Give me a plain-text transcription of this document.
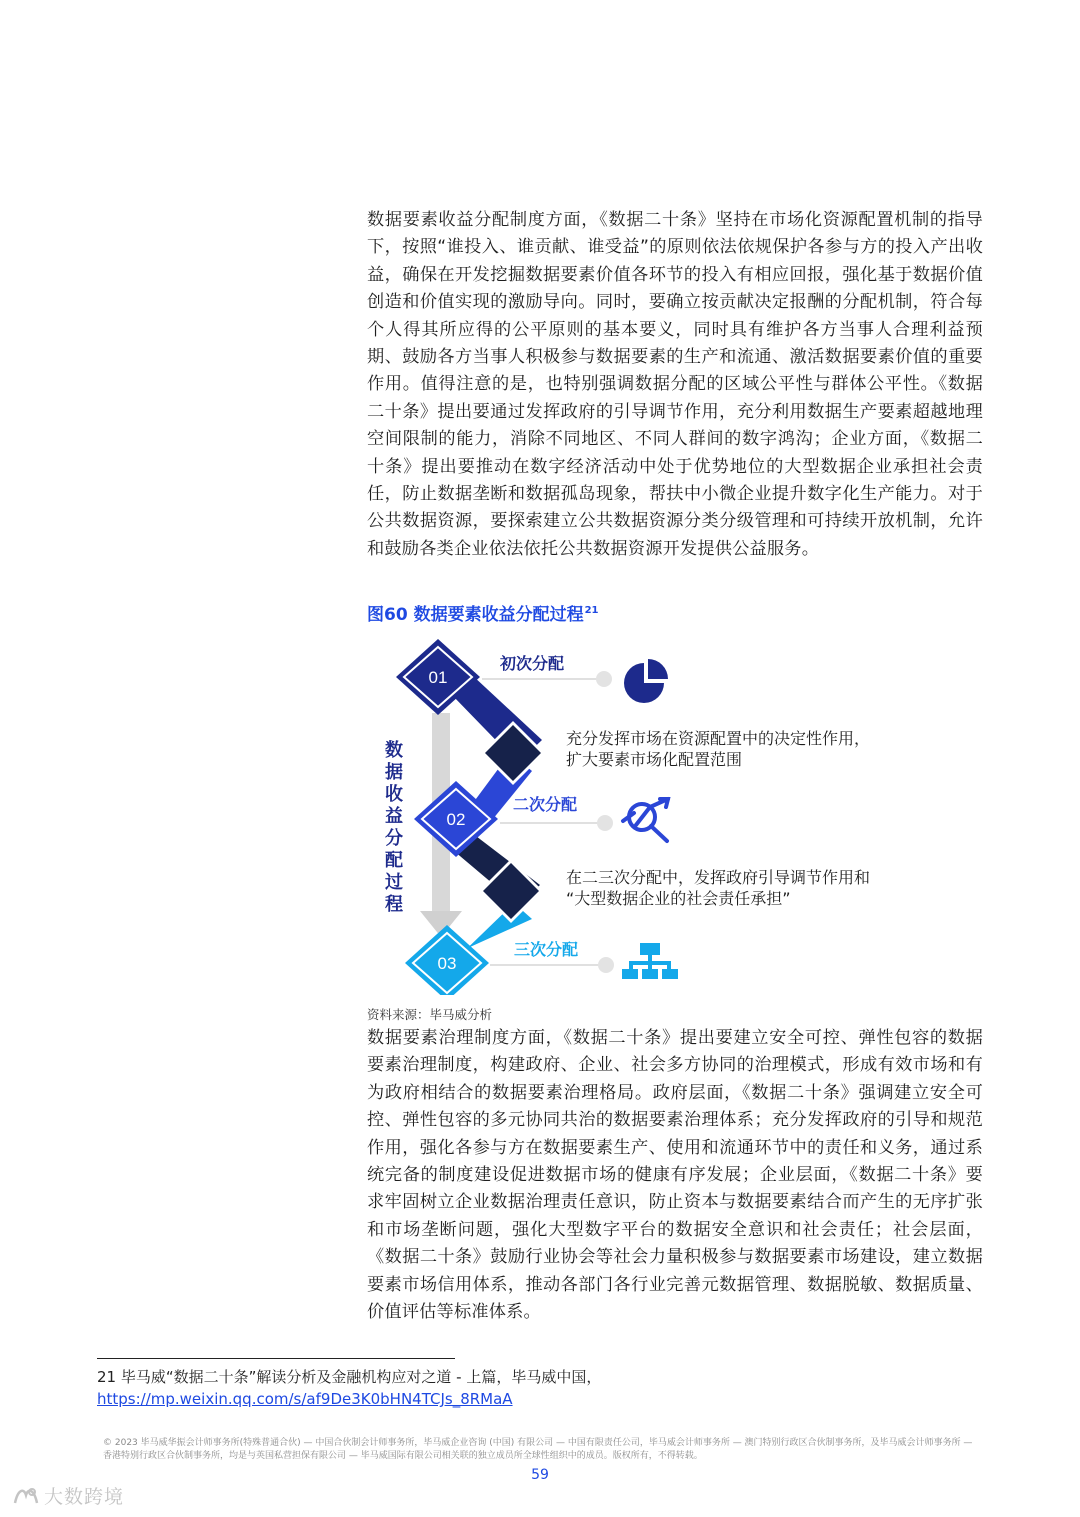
数据要素收益分配制度方面，《数据二十条》坚持在市场化资源配置机制的指导下，按照“谁投入、谁贡献、谁受益”的原则依法依规保护各参与方的投入产出收益，确保在开发挖掘数据要素价值各环节的投入有相应回报，强化基于数据价值创造和价值实现的激励导向。同时，要确立按贡献决定报酬的分配机制，符合每个人得其所应得的公平原则的基本要义，同时具有维护各方当事人合理利益预期、鼓励各方当事人积极参与数据要素的生产和流通、激活数据要素价值的重要作用。值得注意的是，也特别强调数据分配的区域公平性与群体公平性。《数据二十条》提出要通过发挥政府的引导调节作用，充分利用数据生产要素超越地理空间限制的能力，消除不同地区、不同人群间的数字鸿沟；企业方面，《数据二十条》提出要推动在数字经济活动中处于优势地位的大型数据企业承担社会责任，防止数据垄断和数据孤岛现象，帮扶中小微企业提升数字化生产能力。对于公共数据资源，要探索建立公共数据资源分类分级管理和可持续开放机制，允许和鼓励各类企业依法依托公共数据资源开发提供公益服务。

图60 数据要素收益分配过程$^{21}$
01
02
03
数
据
收
益
分
配
过
程
初次分配
二次分配
三次分配
充分发挥市场在资源配置中的决定性作用，
扩大要素市场化配置范围
在二三次分配中，发挥政府引导调节作用和
“大型数据企业的社会责任承担”
资料来源：毕马威分析

数据要素治理制度方面，《数据二十条》提出要建立安全可控、弹性包容的数据要素治理制度，构建政府、企业、社会多方协同的治理模式，形成有效市场和有为政府相结合的数据要素治理格局。政府层面，《数据二十条》强调建立安全可控、弹性包容的多元协同共治的数据要素治理体系；充分发挥政府的引导和规范作用，强化各参与方在数据要素生产、使用和流通环节中的责任和义务，通过系统完备的制度建设促进数据市场的健康有序发展；企业层面，《数据二十条》要求牢固树立企业数据治理责任意识，防止资本与数据要素结合而产生的无序扩张和市场垄断问题，强化大型数字平台的数据安全意识和社会责任；社会层面，《数据二十条》鼓励行业协会等社会力量积极参与数据要素市场建设，建立数据要素市场信用体系，推动各部门各行业完善元数据管理、数据脱敏、数据质量、价值评估等标准体系。

21 毕马威“数据二十条”解读分析及金融机构应对之道 - 上篇，毕马威中国，
https://mp.weixin.qq.com/s/af9De3K0bHN4TCJs_8RMaA
© 2023 毕马威华振会计师事务所(特殊普通合伙) — 中国合伙制会计师事务所，毕马威企业咨询 (中国) 有限公司 — 中国有限责任公司，毕马威会计师事务所 — 澳门特别行政区合伙制事务所，及毕马威会计师事务所 — 香港特别行政区合伙制事务所，均是与英国私营担保有限公司 — 毕马威国际有限公司相关联的独立成员所全球性组织中的成员。版权所有，不得转载。
59
大数跨境
